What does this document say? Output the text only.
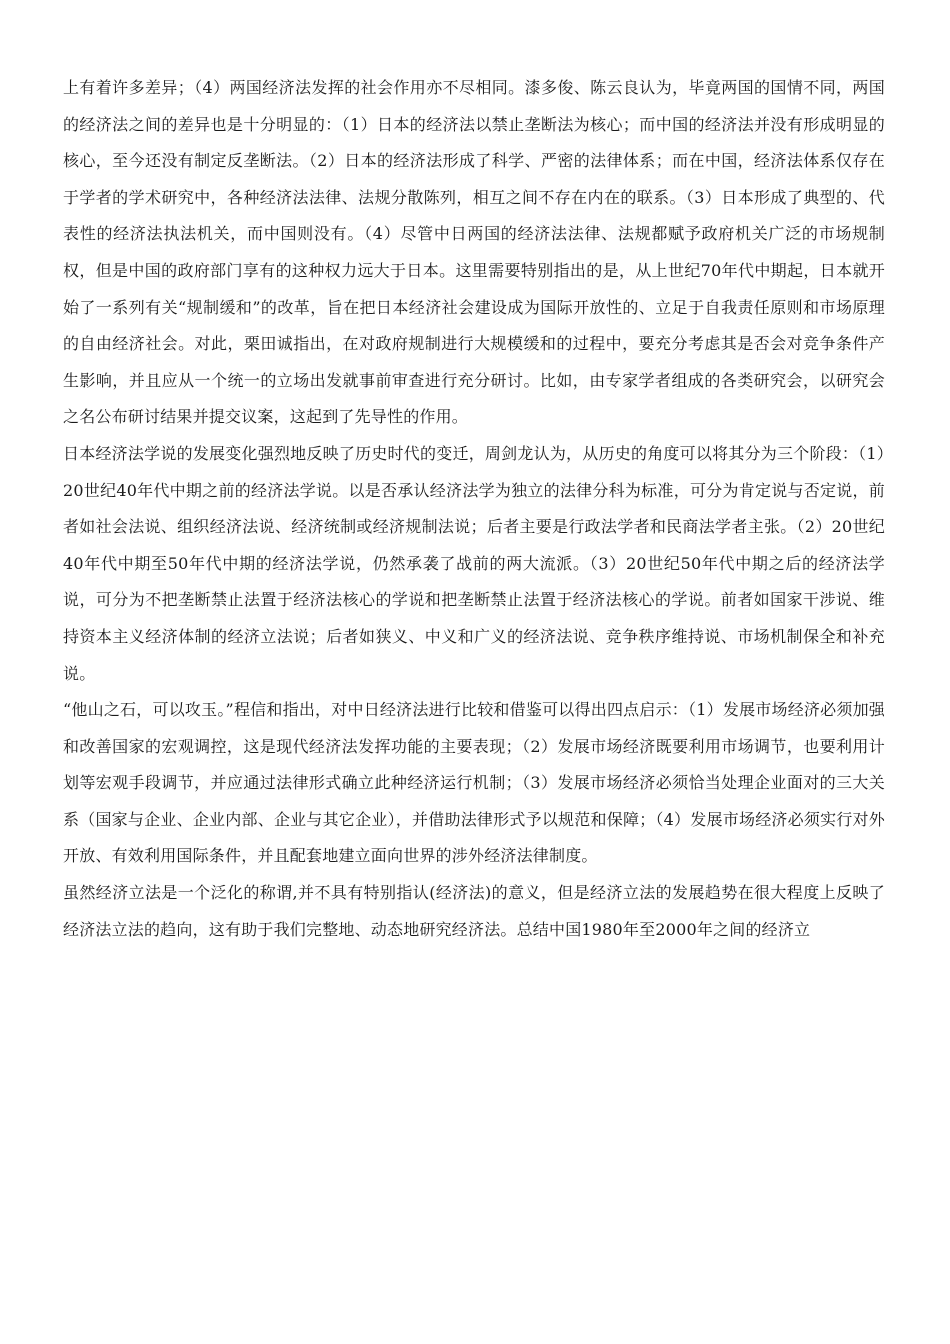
上有着许多差异；（4）两国经济法发挥的社会作用亦不尽相同。漆多俊、陈云良认为，毕竟两国的国情不同，两国的经济法之间的差异也是十分明显的：（1）日本的经济法以禁止垄断法为核心；而中国的经济法并没有形成明显的核心，至今还没有制定反垄断法。（2）日本的经济法形成了科学、严密的法律体系；而在中国，经济法体系仅存在于学者的学术研究中，各种经济法法律、法规分散陈列，相互之间不存在内在的联系。（3）日本形成了典型的、代表性的经济法执法机关，而中国则没有。（4）尽管中日两国的经济法法律、法规都赋予政府机关广泛的市场规制权，但是中国的政府部门享有的这种权力远大于日本。这里需要特别指出的是，从上世纪70年代中期起，日本就开始了一系列有关“规制缓和”的改革，旨在把日本经济社会建设成为国际开放性的、立足于自我责任原则和市场原理的自由经济社会。对此，栗田诚指出，在对政府规制进行大规模缓和的过程中，要充分考虑其是否会对竞争条件产生影响，并且应从一个统一的立场出发就事前审查进行充分研讨。比如，由专家学者组成的各类研究会，以研究会之名公布研讨结果并提交议案，这起到了先导性的作用。

日本经济法学说的发展变化强烈地反映了历史时代的变迁，周剑龙认为，从历史的角度可以将其分为三个阶段：（1）20世纪40年代中期之前的经济法学说。以是否承认经济法学为独立的法律分科为标准，可分为肯定说与否定说，前者如社会法说、组织经济法说、经济统制或经济规制法说；后者主要是行政法学者和民商法学者主张。（2）20世纪40年代中期至50年代中期的经济法学说，仍然承袭了战前的两大流派。（3）20世纪50年代中期之后的经济法学说，可分为不把垄断禁止法置于经济法核心的学说和把垄断禁止法置于经济法核心的学说。前者如国家干涉说、维持资本主义经济体制的经济立法说；后者如狭义、中义和广义的经济法说、竞争秩序维持说、市场机制保全和补充说。

“他山之石，可以攻玉。”程信和指出，对中日经济法进行比较和借鉴可以得出四点启示：（1）发展市场经济必须加强和改善国家的宏观调控，这是现代经济法发挥功能的主要表现；（2）发展市场经济既要利用市场调节，也要利用计划等宏观手段调节，并应通过法律形式确立此种经济运行机制；（3）发展市场经济必须恰当处理企业面对的三大关系（国家与企业、企业内部、企业与其它企业），并借助法律形式予以规范和保障；（4）发展市场经济必须实行对外开放、有效利用国际条件，并且配套地建立面向世界的涉外经济法律制度。

虽然经济立法是一个泛化的称谓,并不具有特别指认(经济法)的意义，但是经济立法的发展趋势在很大程度上反映了经济法立法的趋向，这有助于我们完整地、动态地研究经济法。总结中国1980年至2000年之间的经济立
